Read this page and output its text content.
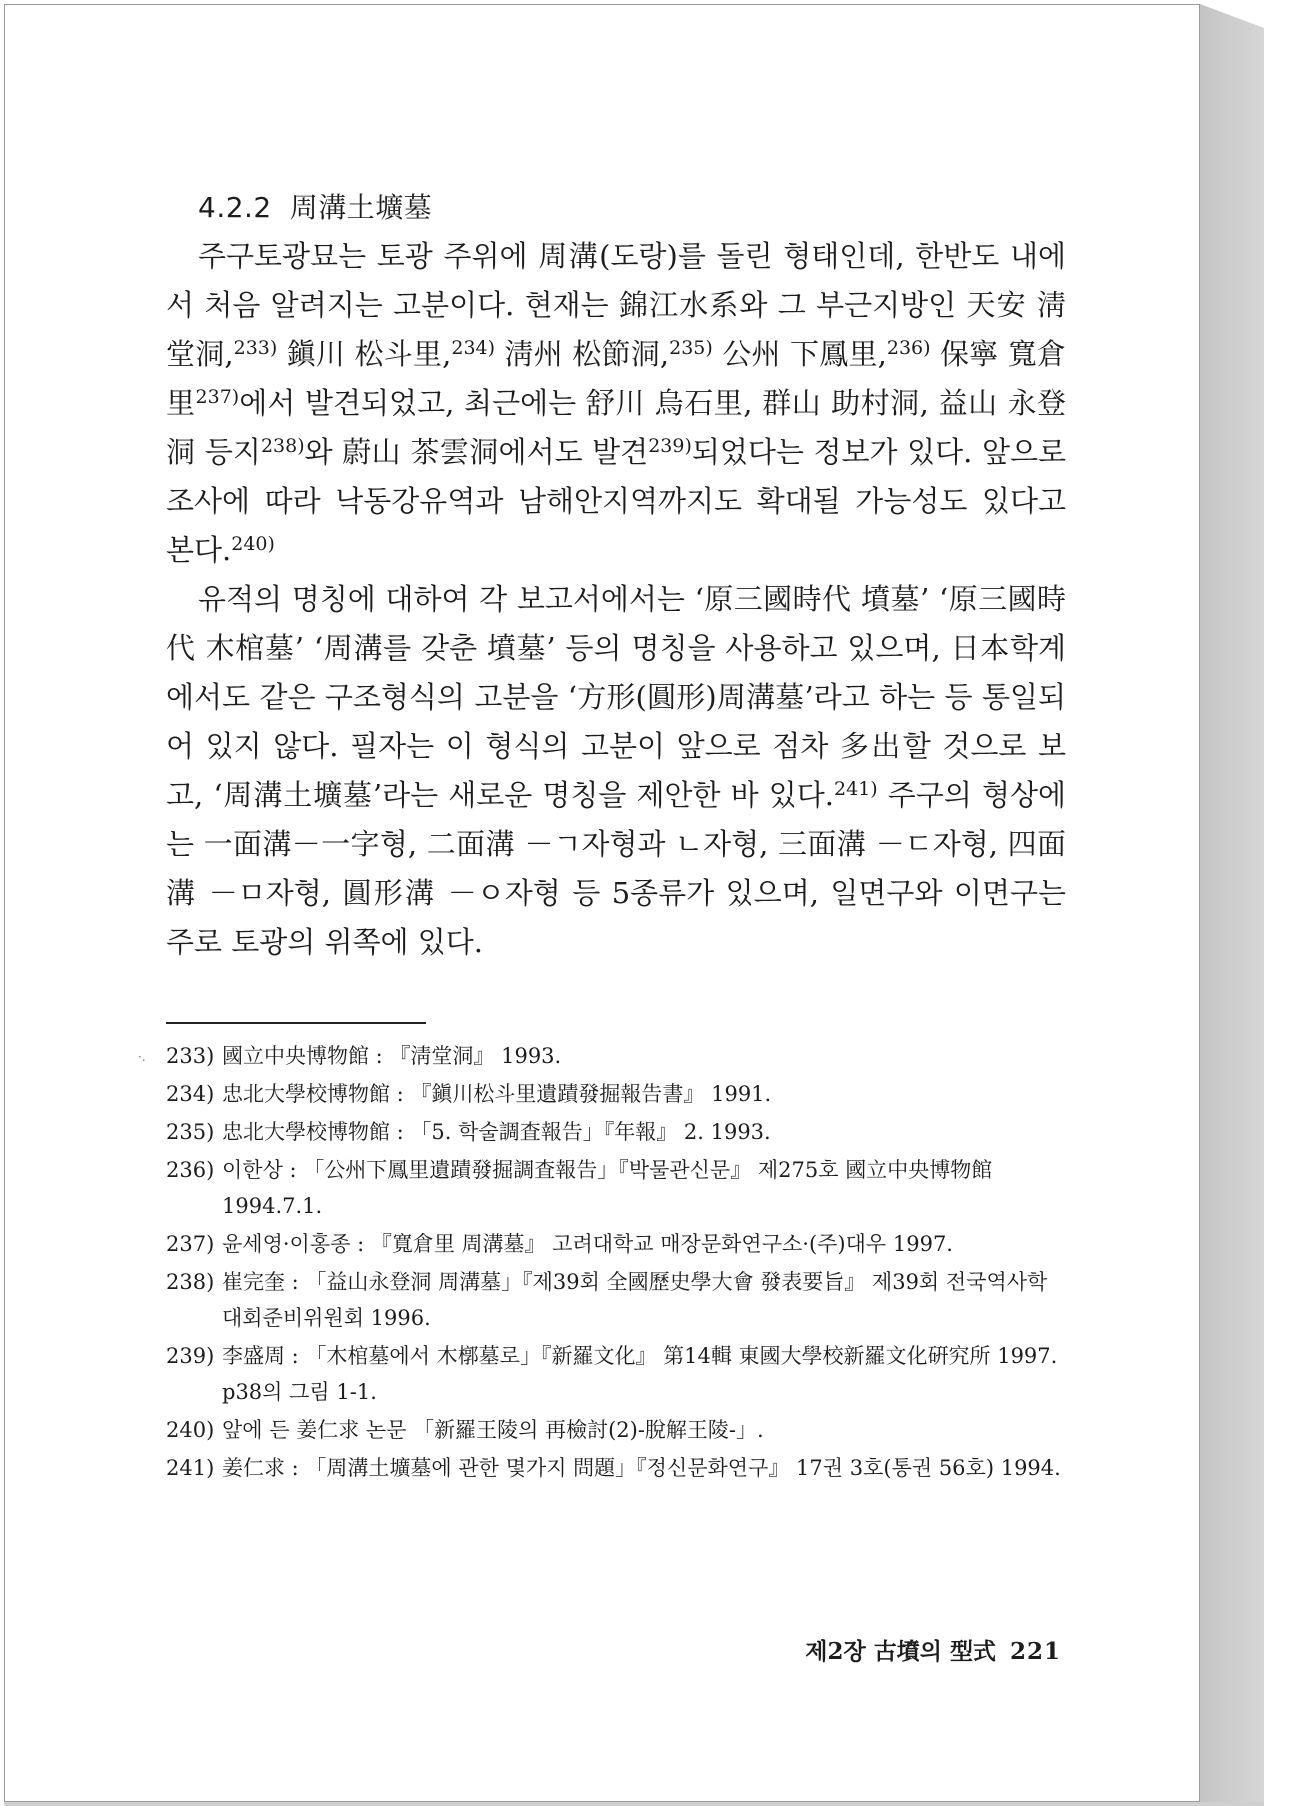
4.2.2 周溝土壙墓

주구토광묘는 토광 주위에 周溝(도랑)를 돌린 형태인데, 한반도 내에서 처음 알려지는 고분이다. 현재는 錦江水系와 그 부근지방인 天安 淸堂洞,$^{233)}$ 鎭川 松斗里,$^{234)}$ 淸州 松節洞,$^{235)}$ 公州 下鳳里,$^{236)}$ 保寧 寬倉里$^{237)}$에서 발견되었고, 최근에는 舒川 烏石里, 群山 助村洞, 益山 永登洞 등지$^{238)}$와 蔚山 茶雲洞에서도 발견$^{239)}$되었다는 정보가 있다. 앞으로 조사에 따라 낙동강유역과 남해안지역까지도 확대될 가능성도 있다고 본다.$^{240)}$

유적의 명칭에 대하여 각 보고서에서는 ‘原三國時代 墳墓’ ‘原三國時代 木棺墓’ ‘周溝를 갖춘 墳墓’ 등의 명칭을 사용하고 있으며, 日本학계에서도 같은 구조형식의 고분을 ‘方形(圓形)周溝墓’라고 하는 등 통일되어 있지 않다. 필자는 이 형식의 고분이 앞으로 점차 多出할 것으로 보고, ‘周溝土壙墓’라는 새로운 명칭을 제안한 바 있다.$^{241)}$ 주구의 형상에는 一面溝－一字형, 二面溝 －ㄱ자형과 ㄴ자형, 三面溝 －ㄷ자형, 四面溝 －ㅁ자형, 圓形溝 －ㅇ자형 등 5종류가 있으며, 일면구와 이면구는 주로 토광의 위쪽에 있다.

·. 233) 國立中央博物館 : 『淸堂洞』 1993.
234) 忠北大學校博物館 : 『鎭川松斗里遺蹟發掘報告書』 1991.
235) 忠北大學校博物館 : 「5. 학술調査報告」『年報』 2. 1993.
236) 이한상 : 「公州下鳳里遺蹟發掘調査報告」『박물관신문』 제275호 國立中央博物館 1994.7.1.
237) 윤세영·이홍종 : 『寬倉里 周溝墓』 고려대학교 매장문화연구소·(주)대우 1997.
238) 崔完奎 : 「益山永登洞 周溝墓」『제39회 全國歷史學大會 發表要旨』 제39회 전국역사학대회준비위원회 1996.
239) 李盛周 : 「木棺墓에서 木槨墓로」『新羅文化』 第14輯 東國大學校新羅文化硏究所 1997. p38의 그림 1-1.
240) 앞에 든 姜仁求 논문 「新羅王陵의 再檢討(2)-脫解王陵-」.
241) 姜仁求 : 「周溝土壙墓에 관한 몇가지 問題」『정신문화연구』 17권 3호(통권 56호) 1994.
제2장 古墳의 型式 221
